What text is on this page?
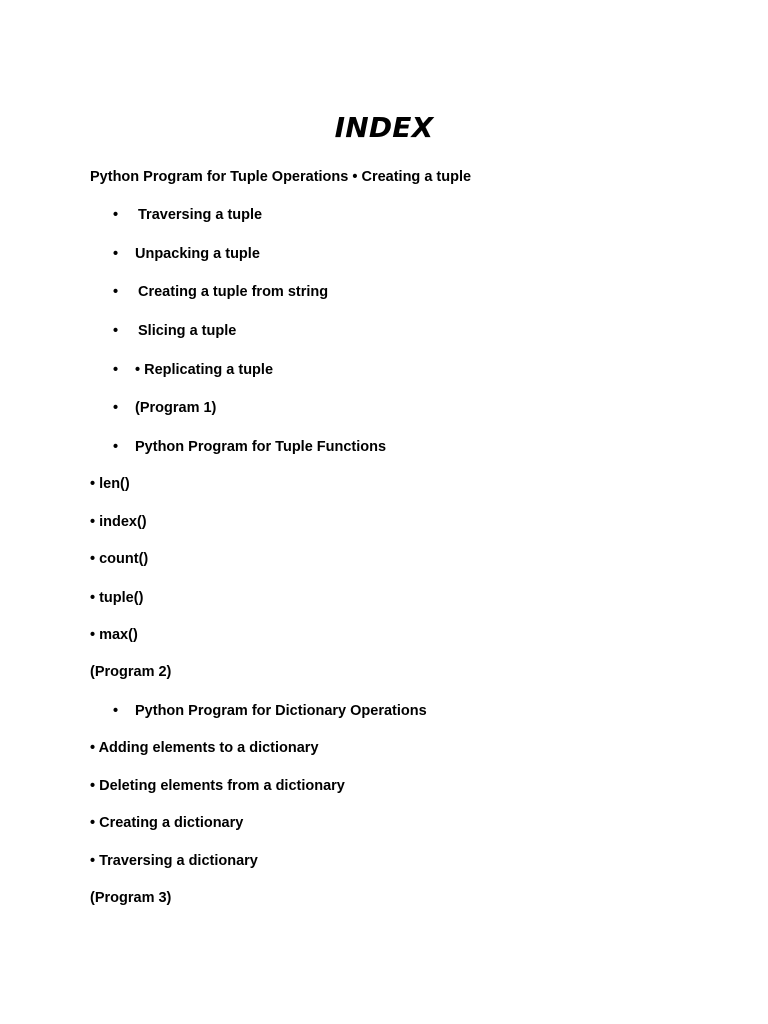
INDEX
Python Program for Tuple Operations • Creating a tuple
• Traversing a tuple
• Unpacking a tuple
• Creating a tuple from string
• Slicing a tuple
• • Replicating a tuple
• (Program 1)
• Python Program for Tuple Functions
• len()
• index()
• count()
• tuple()
• max()
(Program 2)
• Python Program for Dictionary Operations
• Adding elements to a dictionary
• Deleting elements from a dictionary
• Creating a dictionary
• Traversing a dictionary
(Program 3)
